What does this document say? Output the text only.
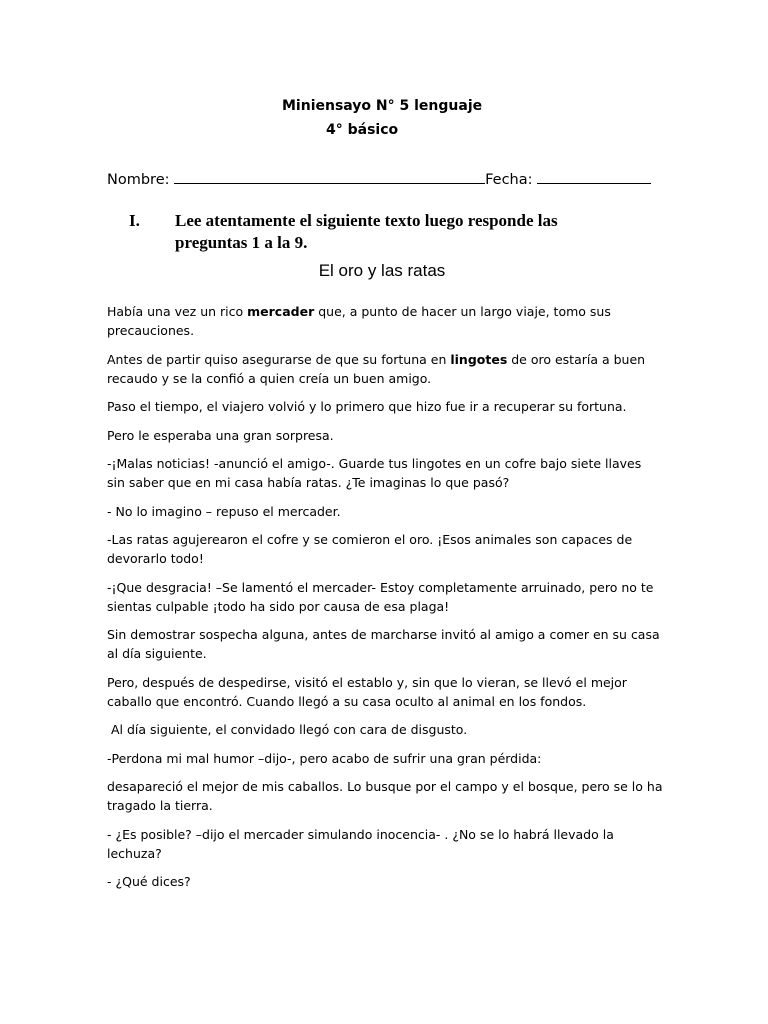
Miniensayo N° 5 lenguaje
4° básico
Nombre:	Fecha:
I. Lee atentamente el siguiente texto luego responde las preguntas 1 a la 9.
El oro y las ratas

Había una vez un rico mercader que, a punto de hacer un largo viaje, tomo sus precauciones.

Antes de partir quiso asegurarse de que su fortuna en lingotes de oro estaría a buen recaudo y se la confió a quien creía un buen amigo.

Paso el tiempo, el viajero volvió y lo primero que hizo fue ir a recuperar su fortuna.

Pero le esperaba una gran sorpresa.

-¡Malas noticias! -anunció el amigo-. Guarde tus lingotes en un cofre bajo siete llaves sin saber que en mi casa había ratas. ¿Te imaginas lo que pasó?

- No lo imagino – repuso el mercader.

-Las ratas agujerearon el cofre y se comieron el oro. ¡Esos animales son capaces de devorarlo todo!

-¡Que desgracia! –Se lamentó el mercader- Estoy completamente arruinado, pero no te sientas culpable ¡todo ha sido por causa de esa plaga!

Sin demostrar sospecha alguna, antes de marcharse invitó al amigo a comer en su casa al día siguiente.

Pero, después de despedirse, visitó el establo y, sin que lo vieran, se llevó el mejor caballo que encontró. Cuando llegó a su casa oculto al animal en los fondos.

Al día siguiente, el convidado llegó con cara de disgusto.

-Perdona mi mal humor –dijo-, pero acabo de sufrir una gran pérdida:

desapareció el mejor de mis caballos. Lo busque por el campo y el bosque, pero se lo ha tragado la tierra.

- ¿Es posible? –dijo el mercader simulando inocencia- . ¿No se lo habrá llevado la lechuza?

- ¿Qué dices?
